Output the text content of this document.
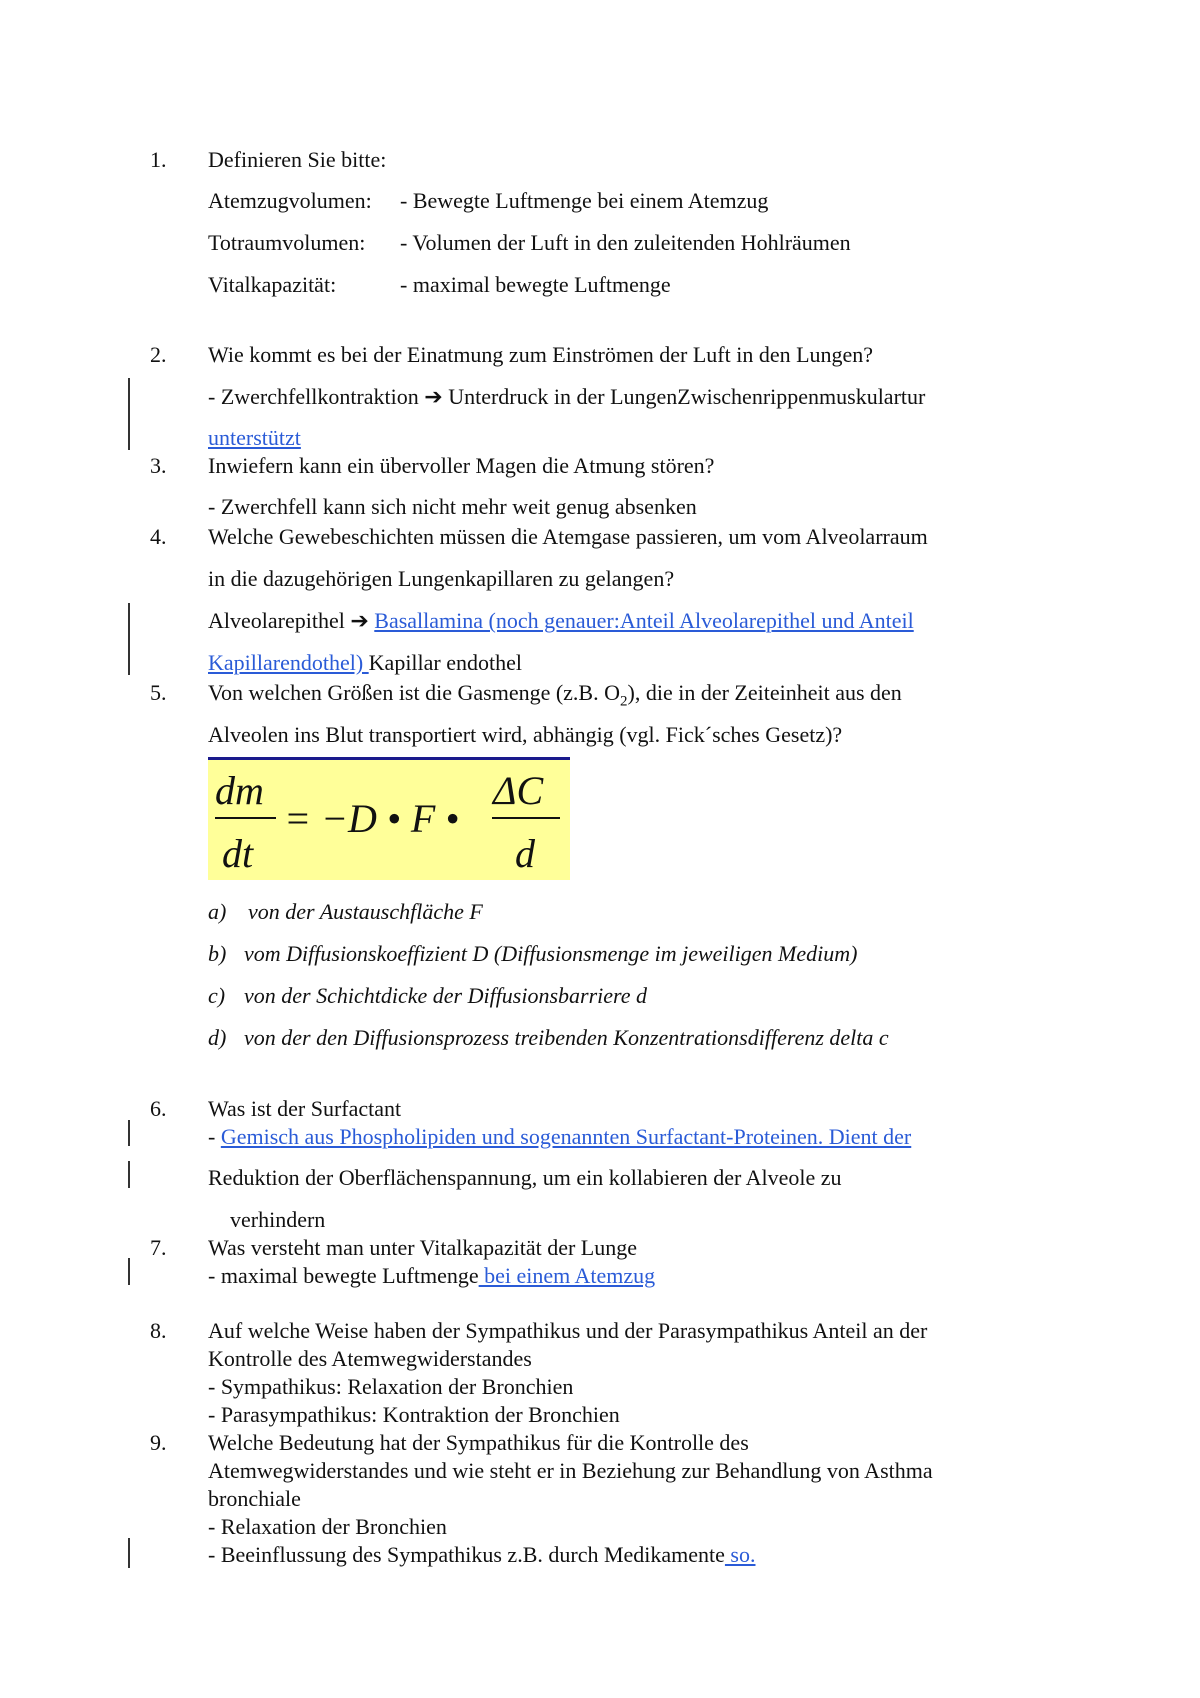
1. Definieren Sie bitte:
Atemzugvolumen: - Bewegte Luftmenge bei einem Atemzug
Totraumvolumen: - Volumen der Luft in den zuleitenden Hohlräumen
Vitalkapazität:	- maximal bewegte Luftmenge
2. Wie kommt es bei der Einatmung zum Einströmen der Luft in den Lungen?
- Zwerchfellkontraktion ➔ Unterdruck in der LungenZwischenrippenmuskulartur
unterstützt
3. Inwiefern kann ein übervoller Magen die Atmung stören?
- Zwerchfell kann sich nicht mehr weit genug absenken
4. Welche Gewebeschichten müssen die Atemgase passieren, um vom Alveolarraum
in die dazugehörigen Lungenkapillaren zu gelangen?
Alveolarepithel ➔ Basallamina (noch genauer:Anteil Alveolarepithel und Anteil
Kapillarendothel) Kapillar endothel
5. Von welchen Größen ist die Gasmenge (z.B. $O_2$), die in der Zeiteinheit aus den
Alveolen ins Blut transportiert wird, abhängig (vgl. Fick´sches Gesetz)?
dm
dt
= −D • F •
ΔC
d
a) von der Austauschfläche F
b) vom Diffusionskoeffizient D (Diffusionsmenge im jeweiligen Medium)
c) von der Schichtdicke der Diffusionsbarriere d
d) von der den Diffusionsprozess treibenden Konzentrationsdifferenz delta c
6. Was ist der Surfactant
- Gemisch aus Phospholipiden und sogenannten Surfactant-Proteinen. Dient der
Reduktion der Oberflächenspannung, um ein kollabieren der Alveole zu
verhindern
7. Was versteht man unter Vitalkapazität der Lunge
- maximal bewegte Luftmenge bei einem Atemzug
8. Auf welche Weise haben der Sympathikus und der Parasympathikus Anteil an der
Kontrolle des Atemwegwiderstandes
- Sympathikus: Relaxation der Bronchien
- Parasympathikus: Kontraktion der Bronchien
9. Welche Bedeutung hat der Sympathikus für die Kontrolle des
Atemwegwiderstandes und wie steht er in Beziehung zur Behandlung von Asthma
bronchiale
- Relaxation der Bronchien
- Beeinflussung des Sympathikus z.B. durch Medikamente so.
